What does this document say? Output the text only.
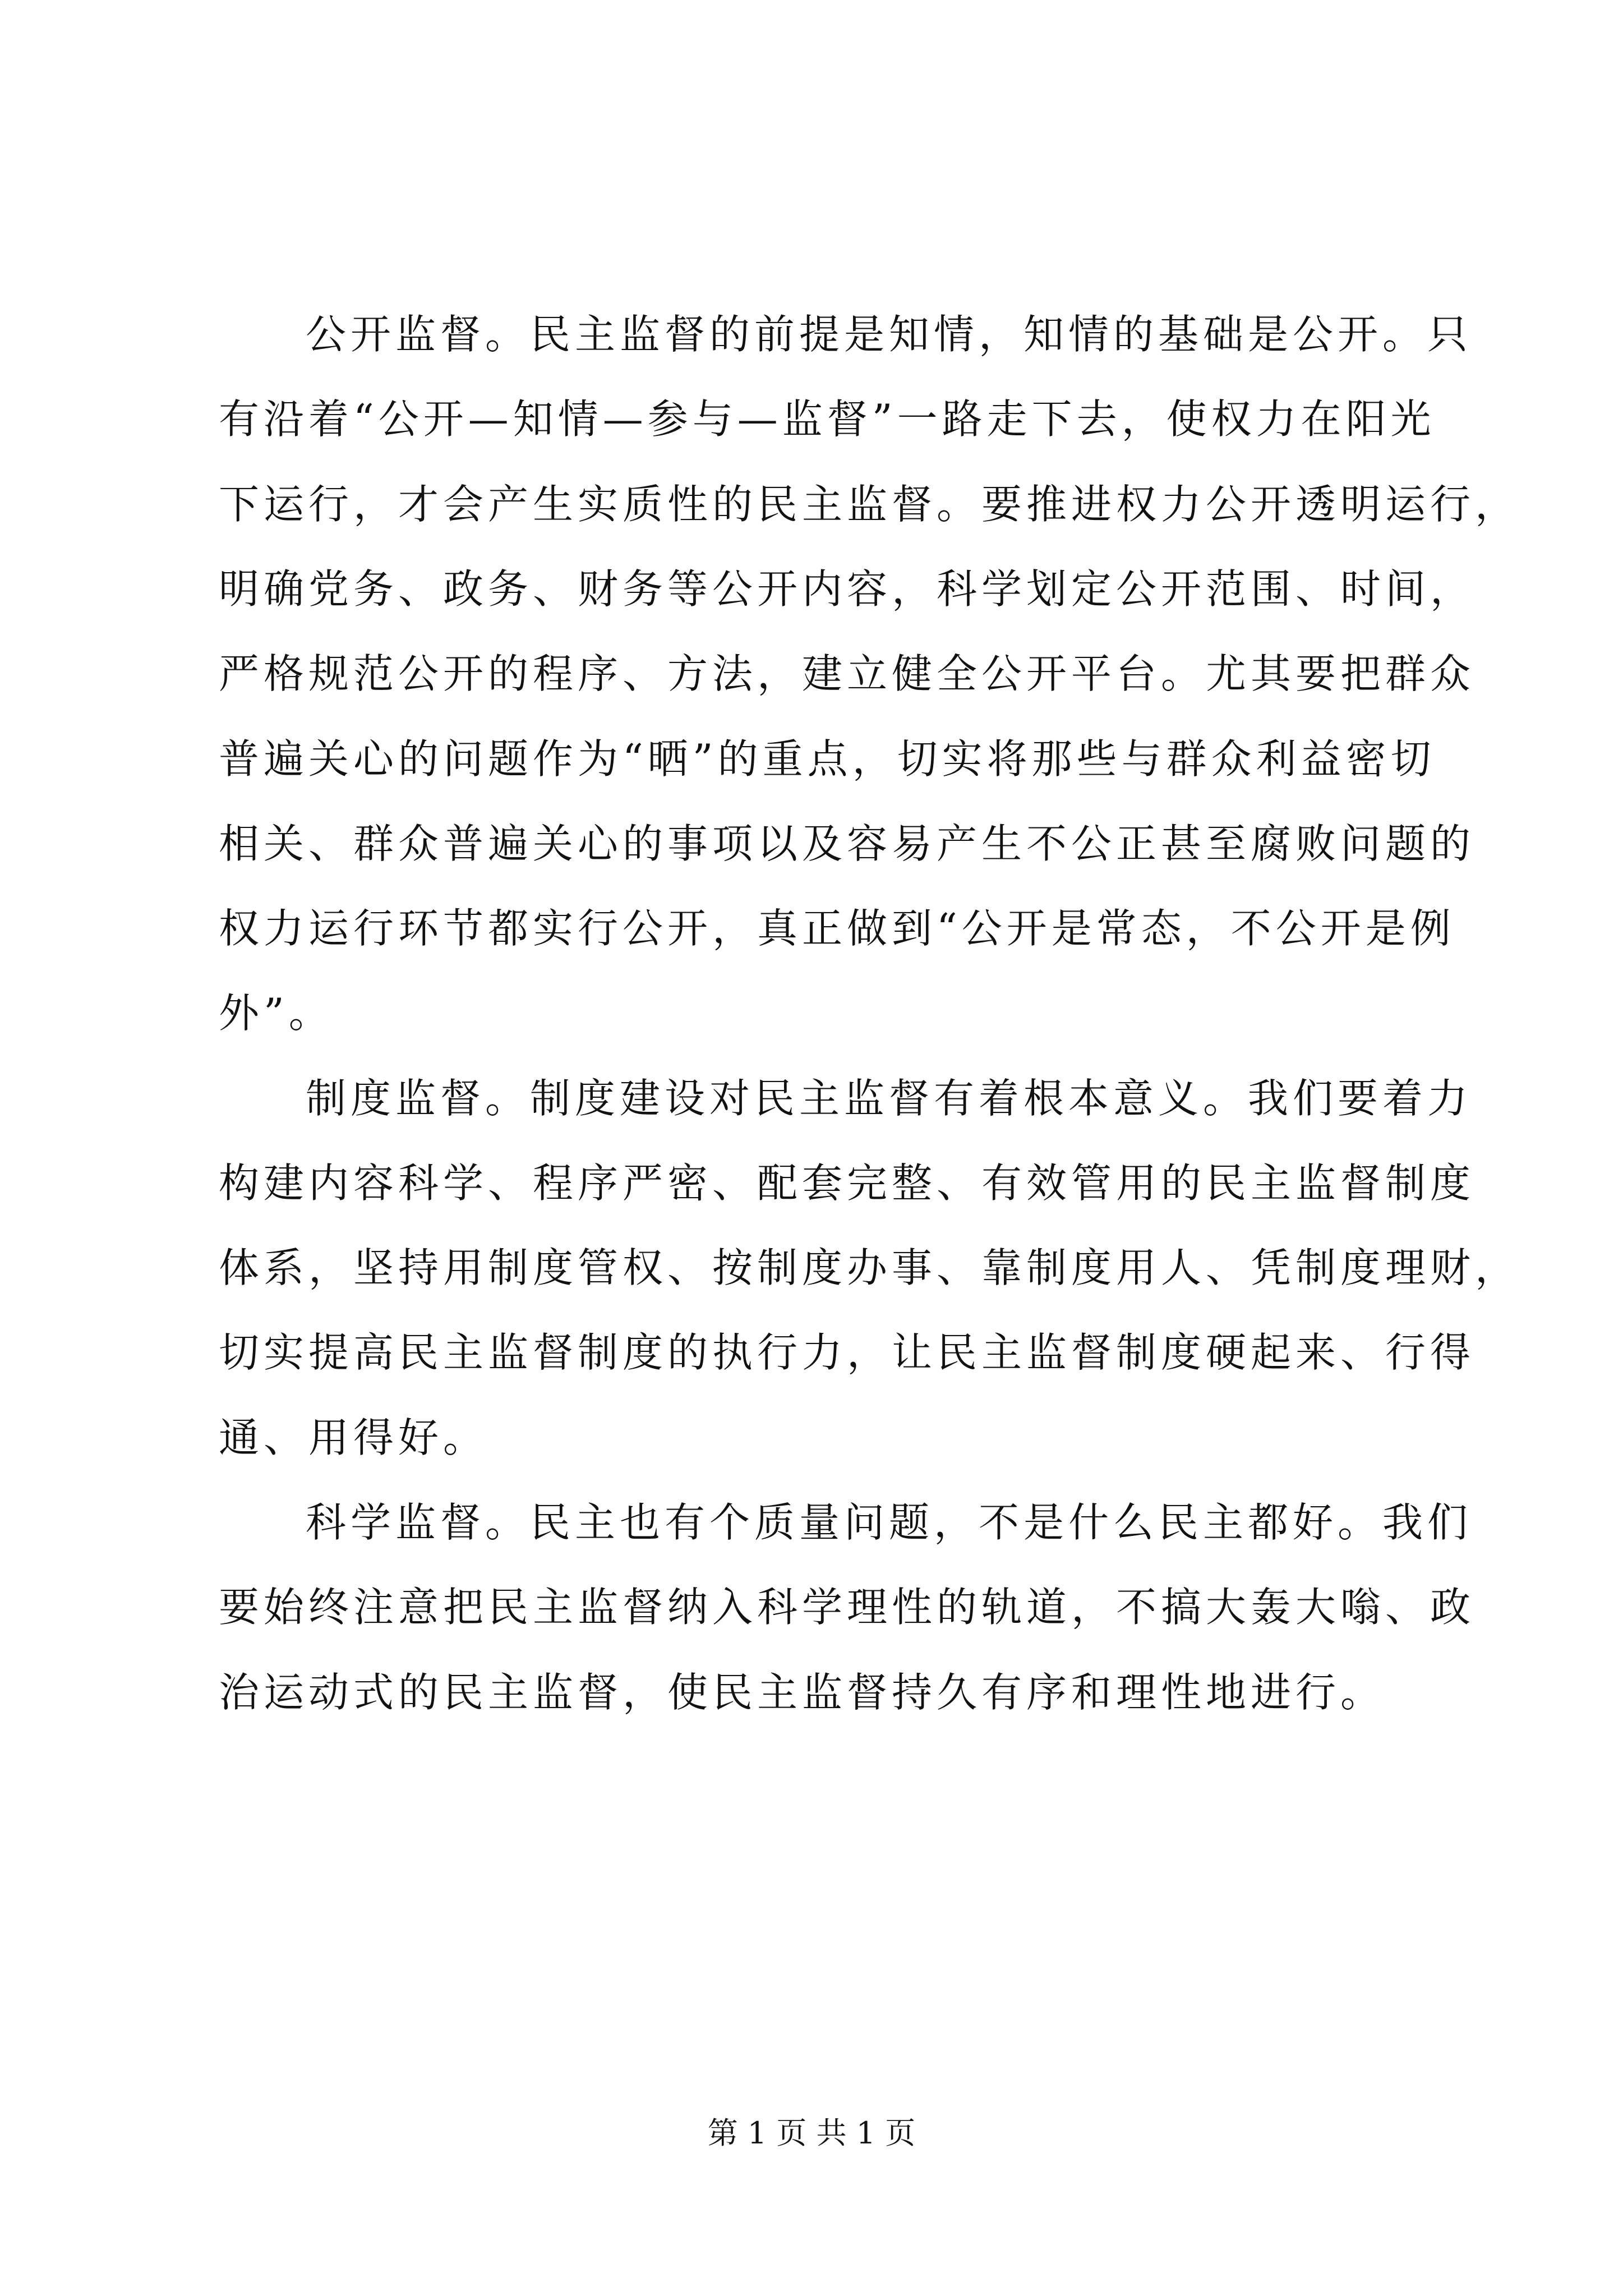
公开监督。民主监督的前提是知情，知情的基础是公开。只
有沿着“公开—知情—参与—监督”一路走下去，使权力在阳光
下运行，才会产生实质性的民主监督。要推进权力公开透明运行，
明确党务、政务、财务等公开内容，科学划定公开范围、时间，
严格规范公开的程序、方法，建立健全公开平台。尤其要把群众
普遍关心的问题作为“晒”的重点，切实将那些与群众利益密切
相关、群众普遍关心的事项以及容易产生不公正甚至腐败问题的
权力运行环节都实行公开，真正做到“公开是常态，不公开是例
外”。
制度监督。制度建设对民主监督有着根本意义。我们要着力
构建内容科学、程序严密、配套完整、有效管用的民主监督制度
体系，坚持用制度管权、按制度办事、靠制度用人、凭制度理财，
切实提高民主监督制度的执行力，让民主监督制度硬起来、行得
通、用得好。
科学监督。民主也有个质量问题，不是什么民主都好。我们
要始终注意把民主监督纳入科学理性的轨道，不搞大轰大嗡、政
治运动式的民主监督，使民主监督持久有序和理性地进行。
第 1 页 共 1 页
